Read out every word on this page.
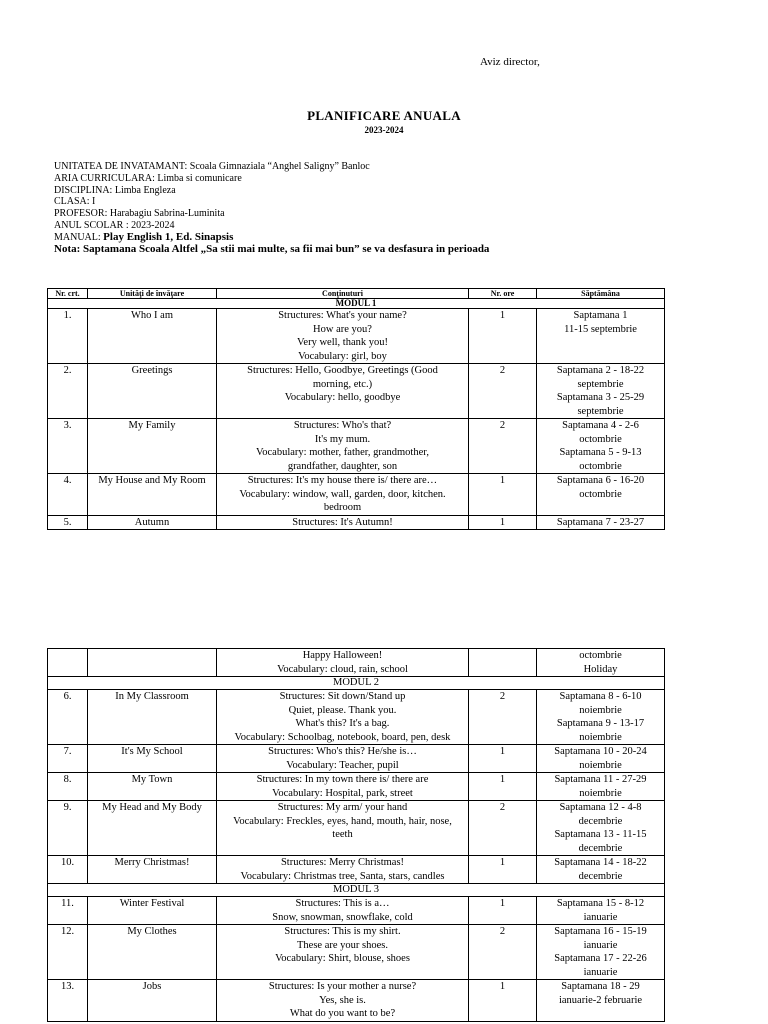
Aviz director,
PLANIFICARE ANUALA
2023-2024
UNITATEA DE INVATAMANT: Scoala Gimnaziala “Anghel Saligny” Banloc
ARIA CURRICULARA: Limba si comunicare
DISCIPLINA: Limba Engleza
CLASA: I
PROFESOR: Harabagiu Sabrina-Luminita
ANUL SCOLAR : 2023-2024
MANUAL: Play English 1, Ed. Sinapsis
Nota: Saptamana Scoala Altfel „Sa stii mai multe, sa fii mai bun” se va desfasura in perioada
Nr. crt.	Unităţi de învăţare	Conţinuturi	Nr. ore	Săptămâna
MODUL 1				

1.	Who I am	Structures: What's your name?
How are you?
Very well, thank you!
Vocabulary: girl, boy	1	Saptamana 1
11-15 septembrie

2.	Greetings	Structures: Hello, Goodbye, Greetings (Good
morning, etc.)
Vocabulary: hello, goodbye	2	Saptamana 2 - 18-22
septembrie
Saptamana 3 - 25-29
septembrie

3.	My Family	Structures: Who's that?
It's my mum.
Vocabulary: mother, father, grandmother,
grandfather, daughter, son	2	Saptamana 4 - 2-6
octombrie
Saptamana 5 - 9-13
octombrie

4.	My House and My Room	Structures: It's my house there is/ there are…
Vocabulary: window, wall, garden, door, kitchen.
bedroom	1	Saptamana 6 - 16-20
octombrie

5.	Autumn	Structures: It's Autumn!	1	Saptamana 7 - 23-27

		Happy Halloween!
Vocabulary: cloud, rain, school		octombrie
Holiday

MODUL 2				

6.	In My Classroom	Structures: Sit down/Stand up
Quiet, please. Thank you.
What's this? It's a bag.
Vocabulary: Schoolbag, notebook, board, pen, desk	2	Saptamana 8 - 6-10
noiembrie
Saptamana 9 - 13-17
noiembrie

7.	It's My School	Structures: Who's this? He/she is…
Vocabulary: Teacher, pupil	1	Saptamana 10 - 20-24
noiembrie

8.	My Town	Structures: In my town there is/ there are
Vocabulary: Hospital, park, street	1	Saptamana 11 - 27-29
noiembrie

9.	My Head and My Body	Structures: My arm/ your hand
Vocabulary: Freckles, eyes, hand, mouth, hair, nose,
teeth	2	Saptamana 12 - 4-8
decembrie
Saptamana 13 - 11-15
decembrie

10.	Merry Christmas!	Structures: Merry Christmas!
Vocabulary: Christmas tree, Santa, stars, candles	1	Saptamana 14 - 18-22
decembrie

MODUL 3				

11.	Winter Festival	Structures: This is a…
Snow, snowman, snowflake, cold	1	Saptamana 15 - 8-12
ianuarie

12.	My Clothes	Structures: This is my shirt.
These are your shoes.
Vocabulary: Shirt, blouse, shoes	2	Saptamana 16 - 15-19
ianuarie
Saptamana 17 - 22-26
ianuarie

13.	Jobs	Structures: Is your mother a nurse?
Yes, she is.
What do you want to be?	1	Saptamana 18 - 29
ianuarie-2 februarie
